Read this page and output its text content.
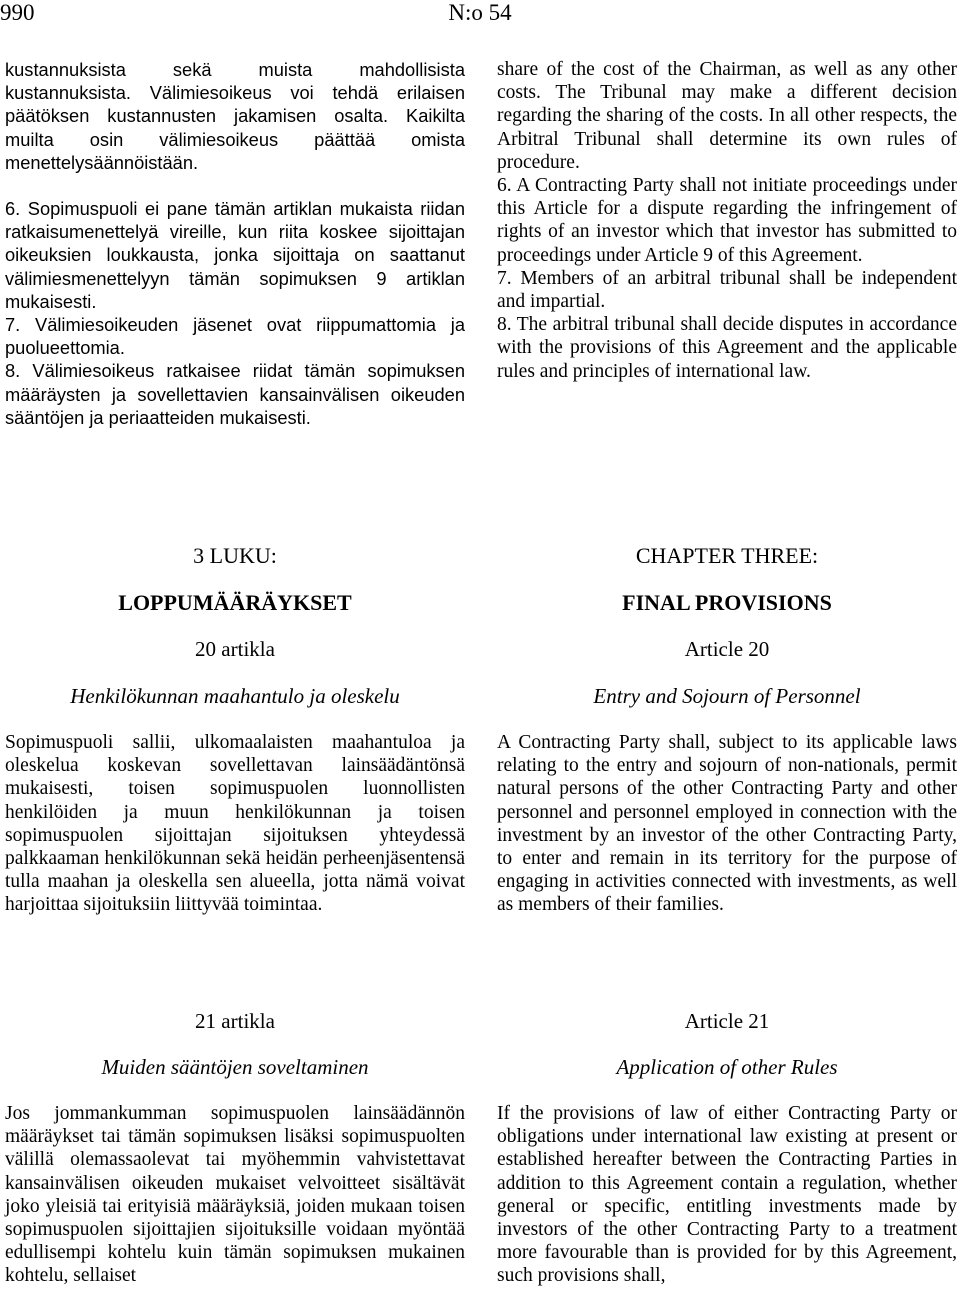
990	N:o 54

kustannuksista sekä muista mahdollisista kustannuksista. Välimiesoikeus voi tehdä erilaisen päätöksen kustannusten jakamisen osalta. Kaikilta muilta osin välimiesoikeus päättää omista menettelysäännöistään.

6. Sopimuspuoli ei pane tämän artiklan mukaista riidan ratkaisumenettelyä vireille, kun riita koskee sijoittajan oikeuksien loukkausta, jonka sijoittaja on saattanut välimiesmenettelyyn tämän sopimuksen 9 artiklan mukaisesti.

7. Välimiesoikeuden jäsenet ovat riippumattomia ja puolueettomia.

8. Välimiesoikeus ratkaisee riidat tämän sopimuksen määräysten ja sovellettavien kansainvälisen oikeuden sääntöjen ja periaatteiden mukaisesti.

share of the cost of the Chairman, as well as any other costs. The Tribunal may make a different decision regarding the sharing of the costs. In all other respects, the Arbitral Tribunal shall determine its own rules of procedure.

6. A Contracting Party shall not initiate proceedings under this Article for a dispute regarding the infringement of rights of an investor which that investor has submitted to proceedings under Article 9 of this Agreement.

7. Members of an arbitral tribunal shall be independent and impartial.

8. The arbitral tribunal shall decide disputes in accordance with the provisions of this Agreement and the applicable rules and principles of international law.

3 LUKU:	CHAPTER THREE:
LOPPUMÄÄRÄYKSET	FINAL PROVISIONS
20 artikla	Article 20
Henkilökunnan maahantulo ja oleskelu	Entry and Sojourn of Personnel

Sopimuspuoli sallii, ulkomaalaisten maahantuloa ja oleskelua koskevan sovellettavan lainsäädäntönsä mukaisesti, toisen sopimuspuolen luonnollisten henkilöiden ja muun henkilökunnan ja toisen sopimuspuolen sijoittajan sijoituksen yhteydessä palkkaaman henkilökunnan sekä heidän perheenjäsentensä tulla maahan ja oleskella sen alueella, jotta nämä voivat harjoittaa sijoituksiin liittyvää toimintaa.

A Contracting Party shall, subject to its applicable laws relating to the entry and sojourn of non-nationals, permit natural persons of the other Contracting Party and other personnel and personnel employed in connection with the investment by an investor of the other Contracting Party, to enter and remain in its territory for the purpose of engaging in activities connected with investments, as well as members of their families.

21 artikla	Article 21
Muiden sääntöjen soveltaminen	Application of other Rules

Jos jommankumman sopimuspuolen lainsäädännön määräykset tai tämän sopimuksen lisäksi sopimuspuolten välillä olemassaolevat tai myöhemmin vahvistettavat kansainvälisen oikeuden mukaiset velvoitteet sisältävät joko yleisiä tai erityisiä määräyksiä, joiden mukaan toisen sopimuspuolen sijoittajien sijoituksille voidaan myöntää edullisempi kohtelu kuin tämän sopimuksen mukainen kohtelu, sellaiset

If the provisions of law of either Contracting Party or obligations under international law existing at present or established hereafter between the Contracting Parties in addition to this Agreement contain a regulation, whether general or specific, entitling investments made by investors of the other Contracting Party to a treatment more favourable than is provided for by this Agreement, such provisions shall,
